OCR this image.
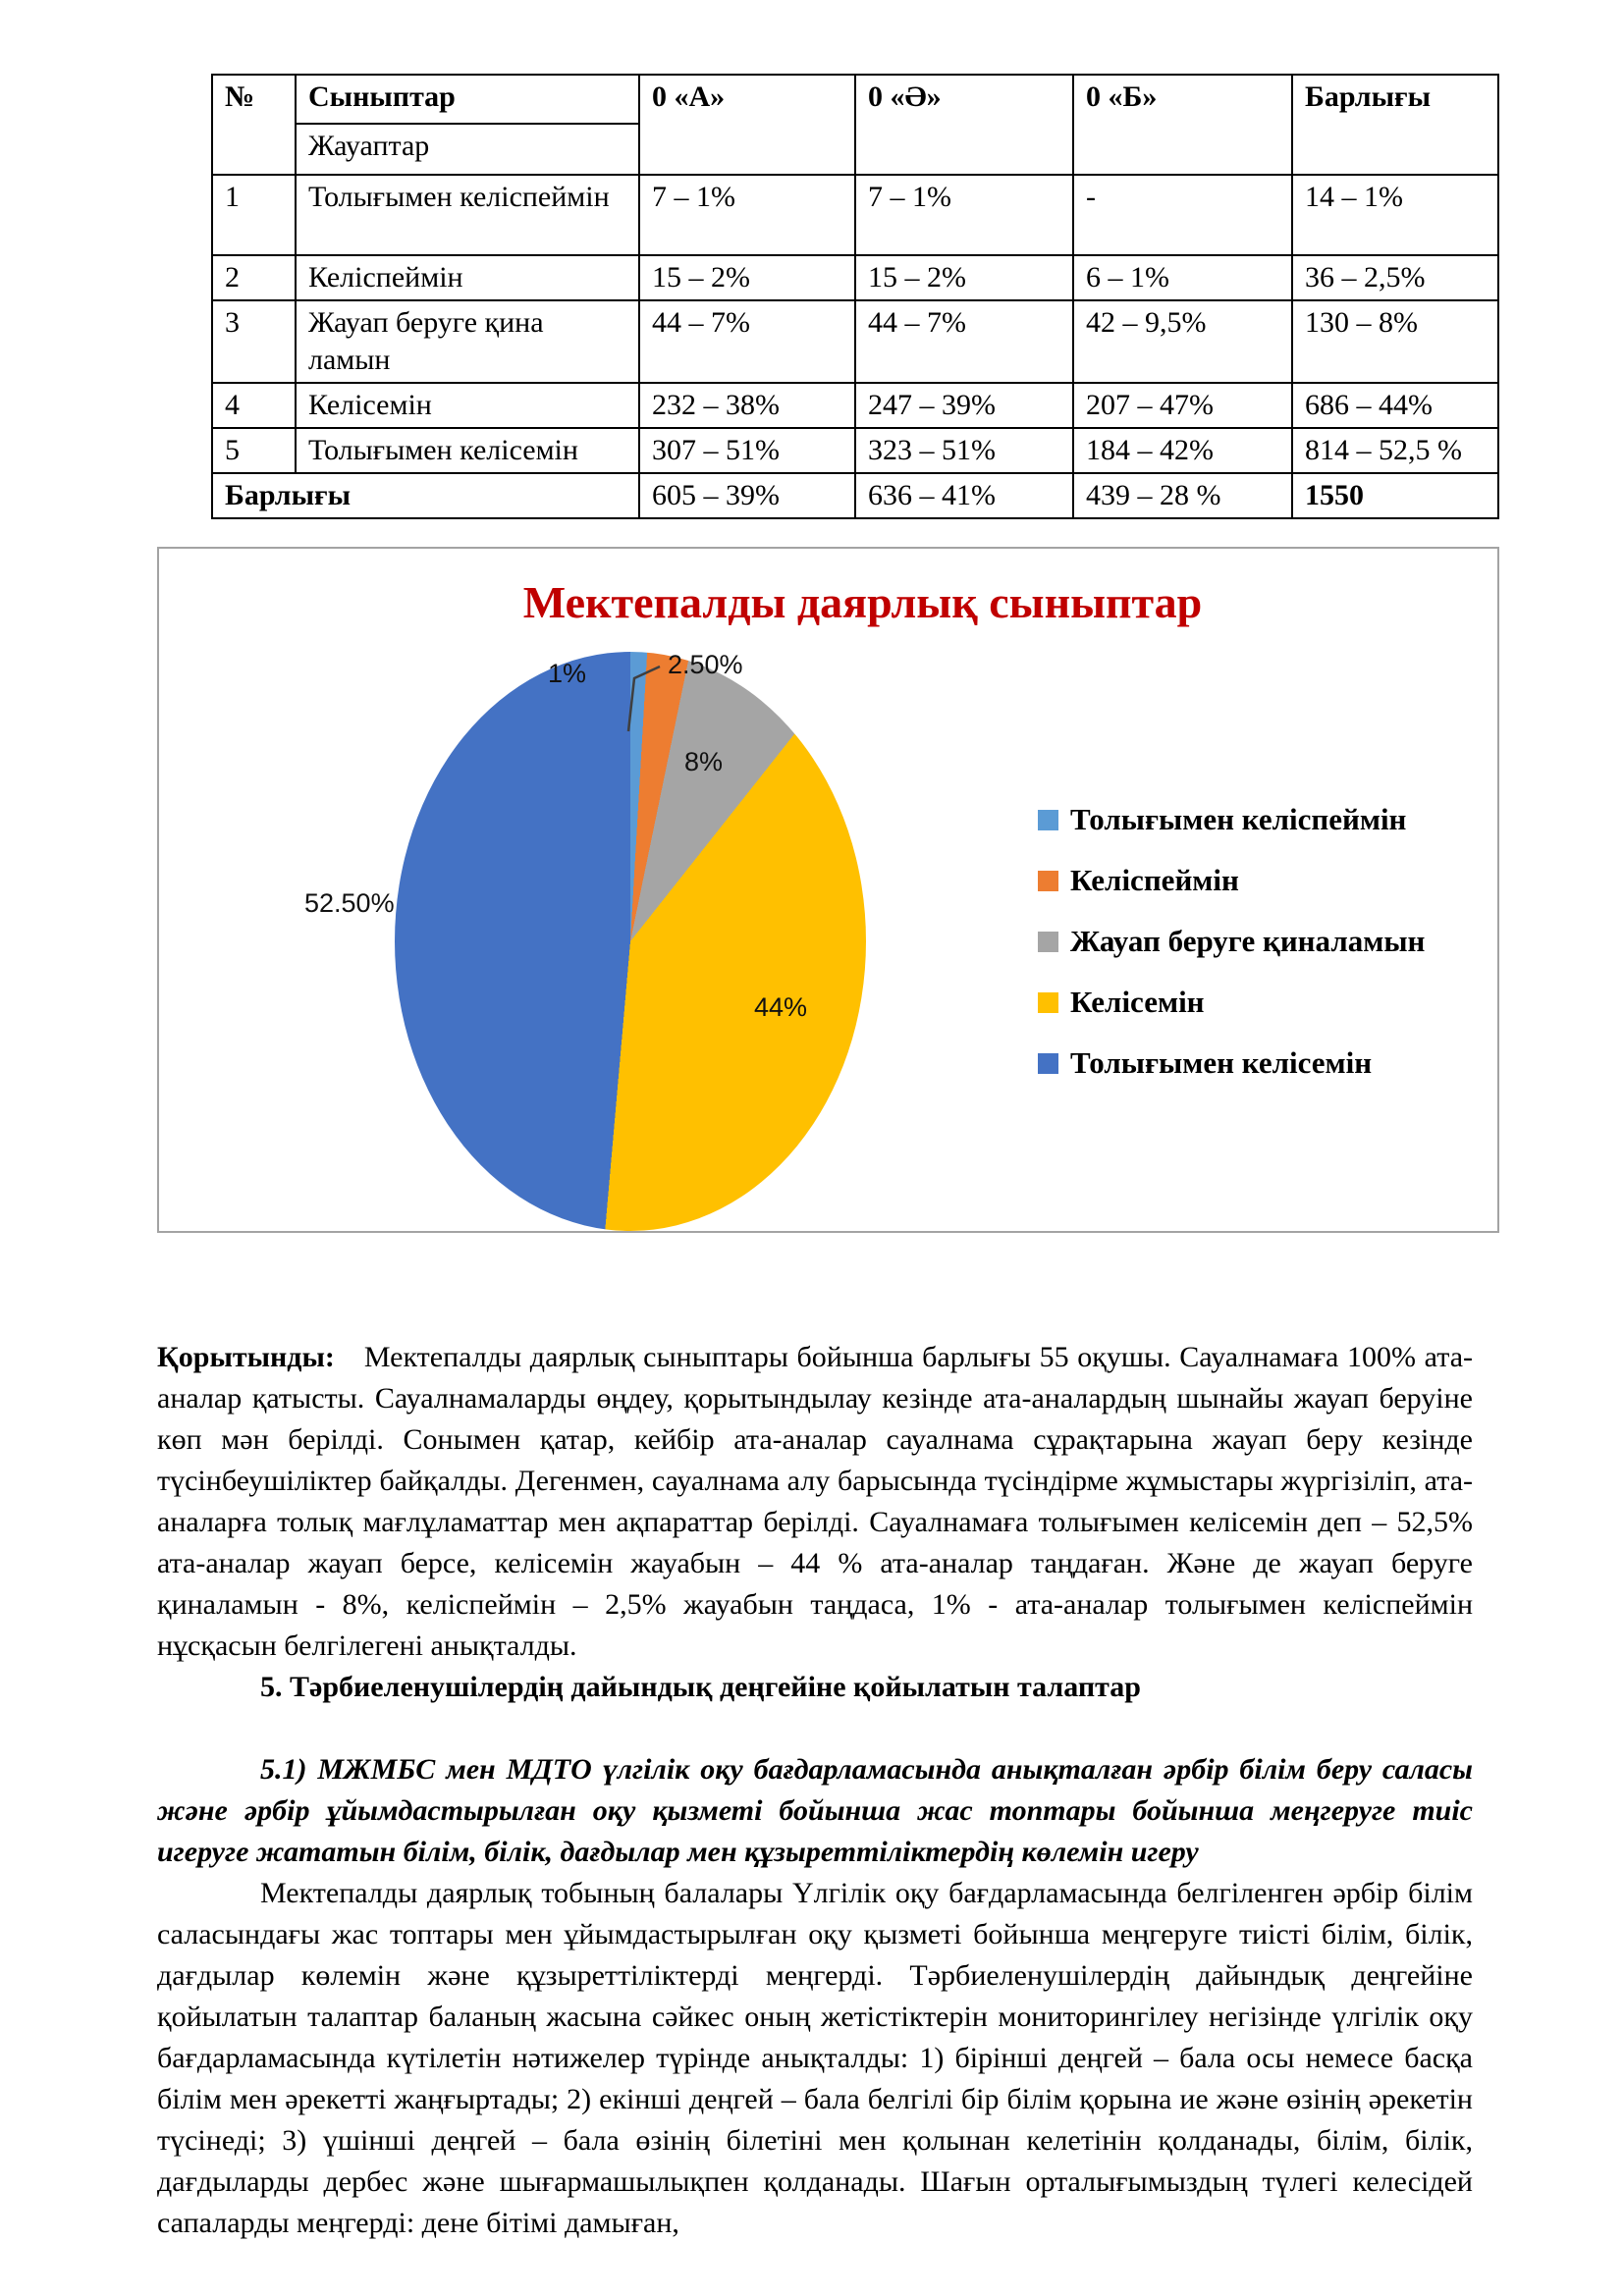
№	Сыныптар	0 «А»	0 «Ә»	0 «Б»	Барлығы
	Жауаптар				
1	Толығымен келіспеймін	7 – 1%	7 – 1%	-	14 – 1%
2	Келіспеймін	15 – 2%	15 – 2%	6 – 1%	36 – 2,5%
3	Жауап беруге қина ламын	44 – 7%	44 – 7%	42 – 9,5%	130 – 8%
4	Келісемін	232 – 38%	247 – 39%	207 – 47%	686 – 44%
5	Толығымен келісемін	307 – 51%	323 – 51%	184 – 42%	814 – 52,5 %
Барлығы		605 – 39%	636 – 41%	439 – 28 %	1550
Мектепалды даярлық сыныптар
1%	2.50%
8%
44%
52.50%
Толығымен келіспеймін
Келіспеймін
Жауап беруге қиналамын
Келісемін
Толығымен келісемін

Қорытынды: Мектепалды даярлық сыныптары бойынша барлығы 55 оқушы. Сауалнамаға 100% ата-аналар қатысты. Сауалнамаларды өңдеу, қорытындылау кезінде ата-аналардың шынайы жауап беруіне көп мән берілді. Сонымен қатар, кейбір ата-аналар сауалнама сұрақтарына жауап беру кезінде түсінбеушіліктер байқалды. Дегенмен, сауалнама алу барысында түсіндірме жұмыстары жүргізіліп, ата-аналарға толық мағлұламаттар мен ақпараттар берілді. Сауалнамаға толығымен келісемін деп – 52,5% ата-аналар жауап берсе, келісемін жауабын – 44 % ата-аналар таңдаған. Және де жауап беруге қиналамын - 8%, келіспеймін – 2,5% жауабын таңдаса, 1% - ата-аналар толығымен келіспеймін нұсқасын белгілегені анықталды.

5. Тәрбиеленушілердің дайындық деңгейіне қойылатын талаптар

5.1) МЖМБС мен МДТО үлгілік оқу бағдарламасында анықталған әрбір білім беру саласы және әрбір ұйымдастырылған оқу қызметі бойынша жас топтары бойынша меңгеруге тиіс игеруге жататын білім, білік, дағдылар мен құзыреттіліктердің көлемін игеру

Мектепалды даярлық тобының балалары Үлгілік оқу бағдарламасында белгіленген әрбір білім саласындағы жас топтары мен ұйымдастырылған оқу қызметі бойынша меңгеруге тиісті білім, білік, дағдылар көлемін және құзыреттіліктерді меңгерді. Тәрбиеленушілердің дайындық деңгейіне қойылатын талаптар баланың жасына сәйкес оның жетістіктерін мониторингілеу негізінде үлгілік оқу бағдарламасында күтілетін нәтижелер түрінде анықталды: 1) бірінші деңгей – бала осы немесе басқа білім мен әрекетті жаңғыртады; 2) екінші деңгей – бала белгілі бір білім қорына ие және өзінің әрекетін түсінеді; 3) үшінші деңгей – бала өзінің білетіні мен қолынан келетінін қолданады, білім, білік, дағдыларды дербес және шығармашылықпен қолданады. Шағын орталығымыздың түлегі келесідей сапаларды меңгерді: дене бітімі дамыған,
